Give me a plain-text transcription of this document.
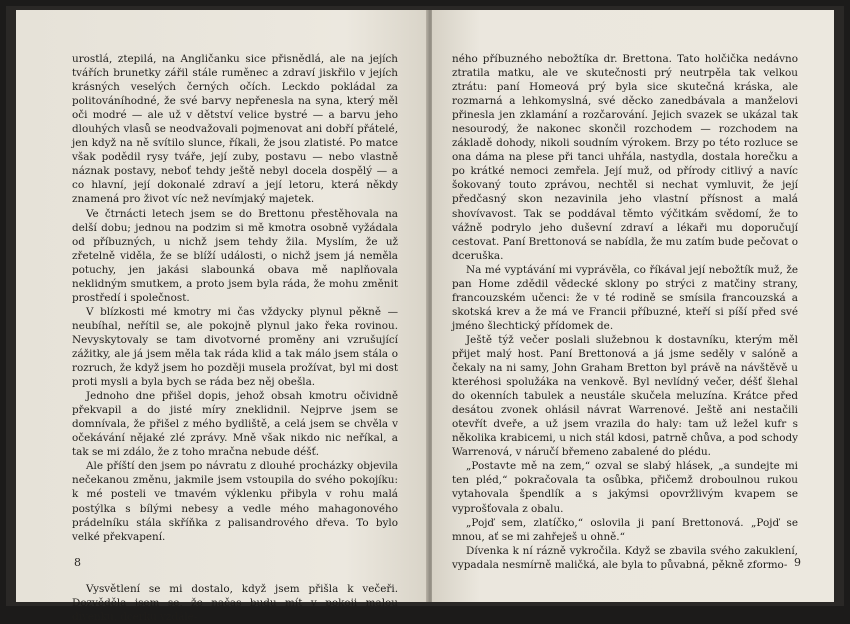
urostlá, ztepilá, na Angličanku sice přisnědlá, ale na jejích tvářích brunetky zářil stále ruměnec a zdraví jiskřilo v jejích krásných veselých černých očích. Leckdo pokládal za politováníhodné, že své barvy nepřenesla na syna, který měl oči modré — ale už v dětství velice bystré — a barvu jeho dlouhých vlasů se neodvažovali pojmenovat ani dobří přátelé, jen když na ně svítilo slunce, říkali, že jsou zlatisté. Po matce však podědil rysy tváře, její zuby, postavu — nebo vlastně náznak postavy, neboť tehdy ještě nebyl docela dospělý — a co hlavní, její dokonalé zdraví a její letoru, která někdy znamená pro život víc než nevímjaký majetek.

Ve čtrnácti letech jsem se do Brettonu přestěhovala na delší dobu; jednou na podzim si mě kmotra osobně vyžádala od příbuzných, u nichž jsem tehdy žila. Myslím, že už zřetelně viděla, že se blíží události, o nichž jsem já neměla potuchy, jen jakási slabounká obava mě naplňovala neklidným smutkem, a proto jsem byla ráda, že mohu změnit prostředí i společnost.

V blízkosti mé kmotry mi čas vždycky plynul pěkně — neubíhal, neřítil se, ale pokojně plynul jako řeka rovinou. Nevyskytovaly se tam divotvorné proměny ani vzrušující zážitky, ale já jsem měla tak ráda klid a tak málo jsem stála o rozruch, že když jsem ho později musela prožívat, byl mi dost proti mysli a byla bych se ráda bez něj obešla.

Jednoho dne přišel dopis, jehož obsah kmotru očividně překvapil a do jisté míry zneklidnil. Nejprve jsem se domnívala, že přišel z mého bydliště, a celá jsem se chvěla v očekávání nějaké zlé zprávy. Mně však nikdo nic neříkal, a tak se mi zdálo, že z toho mračna nebude déšť.

Ale příští den jsem po návratu z dlouhé procházky objevila nečekanou změnu, jakmile jsem vstoupila do svého pokojíku: k mé posteli ve tmavém výklenku přibyla v rohu malá postýlka s bílými nebesy a vedle mého mahagonového prádelníku stála skříňka z palisandrového dřeva. To bylo velké překvapení.

Vysvětlení se mi dostalo, když jsem přišla k večeři. Dozvěděla jsem se, že načas budu mít v pokoji malou dívenku, dcerku vzdále-

8

ného příbuzného nebožtíka dr. Brettona. Tato holčička nedávno ztratila matku, ale ve skutečnosti prý neutrpěla tak velkou ztrátu: paní Homeová prý byla sice skutečná kráska, ale rozmarná a lehkomyslná, své děcko zanedbávala a manželovi přinesla jen zklamání a rozčarování. Jejich svazek se ukázal tak nesourodý, že nakonec skončil rozchodem — rozchodem na základě dohody, nikoli soudním výrokem. Brzy po této rozluce se ona dáma na plese při tanci uhřála, nastydla, dostala horečku a po krátké nemoci zemřela. Její muž, od přírody citlivý a navíc šokovaný touto zprávou, nechtěl si nechat vymluvit, že její předčasný skon nezavinila jeho vlastní přísnost a malá shovívavost. Tak se poddával těmto výčitkám svědomí, že to vážně podrylo jeho duševní zdraví a lékaři mu doporučují cestovat. Paní Brettonová se nabídla, že mu zatím bude pečovat o dceruška.

Na mé vyptávání mi vyprávěla, co říkával její nebožtík muž, že pan Home zdědil vědecké sklony po strýci z matčiny strany, francouzském učenci: že v té rodině se smísila francouzská a skotská krev a že má ve Francii příbuzné, kteří si píší před své jméno šlechtický přídomek de.

Ještě týž večer poslali služebnou k dostavníku, kterým měl přijet malý host. Paní Brettonová a já jsme seděly v salóně a čekaly na ni samy, John Graham Bretton byl právě na návštěvě u kteréhosi spolužáka na venkově. Byl nevlídný večer, déšť šlehal do okenních tabulek a neustále skučela meluzína. Krátce před desátou zvonek ohlásil návrat Warrenové. Ještě ani nestačili otevřít dveře, a už jsem vrazila do haly: tam už ležel kufr s několika krabicemi, u nich stál kdosi, patrně chůva, a pod schody Warrenová, v náručí břemeno zabalené do plédu.

„Postavte mě na zem,“ ozval se slabý hlásek, „a sundejte mi ten pléd,“ pokračovala ta osůbka, přičemž droboulnou rukou vytahovala špendlík a s jakýmsi opovržlivým kvapem se vyprošťovala z obalu.

„Pojď sem, zlatíčko,“ oslovila ji paní Brettonová. „Pojď se mnou, ať se mi zahřeješ u ohně.“

Dívenka k ní rázně vykročila. Když se zbavila svého zakuklení, vypadala nesmírně maličká, ale byla to půvabná, pěkně zformo- 9
